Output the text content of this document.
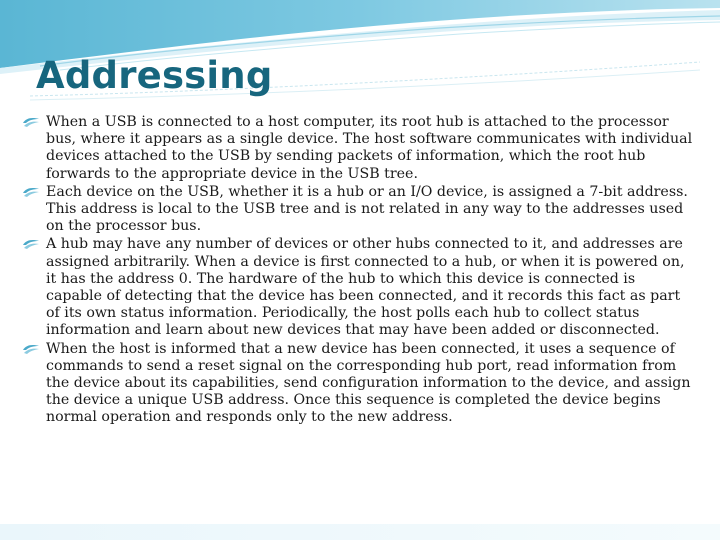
Addressing
When a USB is connected to a host computer, its root hub is attached to the processor bus, where it appears as a single device. The host software communicates with individual devices attached to the USB by sending packets of information, which the root hub forwards to the appropriate device in the USB tree.
Each device on the USB, whether it is a hub or an I/O device, is assigned a 7-bit address. This address is local to the USB tree and is not related in any way to the addresses used on the processor bus.
A hub may have any number of devices or other hubs connected to it, and addresses are assigned arbitrarily. When a device is first connected to a hub, or when it is powered on, it has the address 0. The hardware of the hub to which this device is connected is capable of detecting that the device has been connected, and it records this fact as part of its own status information. Periodically, the host polls each hub to collect status information and learn about new devices that may have been added or disconnected.
When the host is informed that a new device has been connected, it uses a sequence of commands to send a reset signal on the corresponding hub port, read information from the device about its capabilities, send configuration information to the device, and assign the device a unique USB address. Once this sequence is completed the device begins normal operation and responds only to the new address.
